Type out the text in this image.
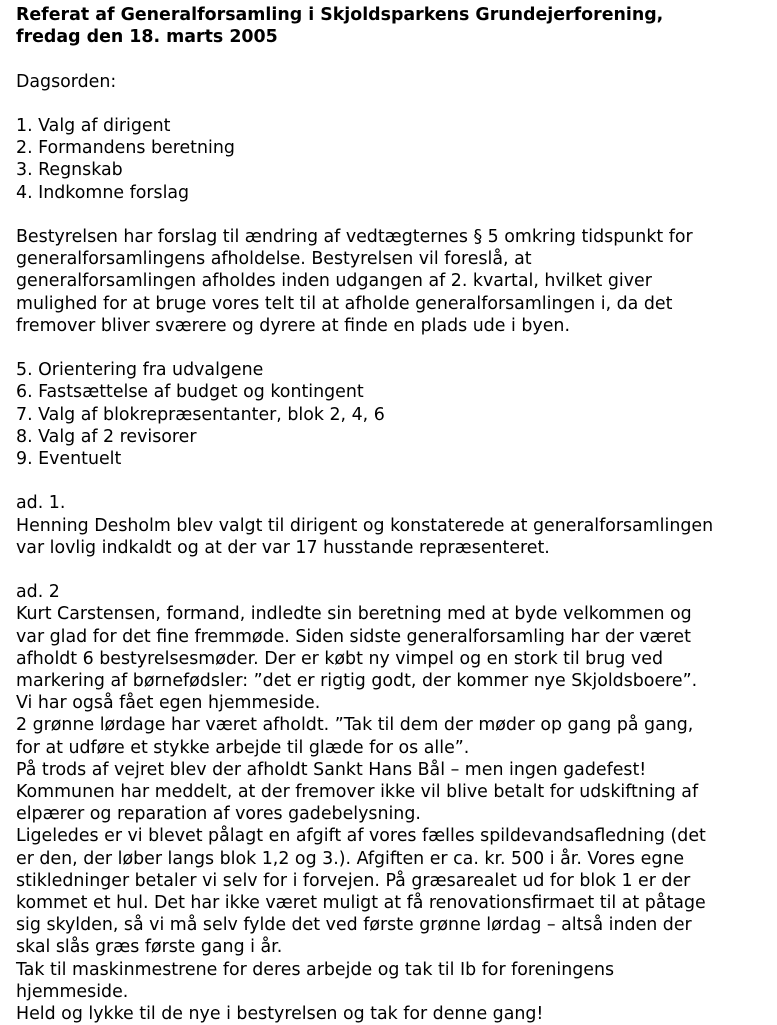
Referat af Generalforsamling i Skjoldsparkens Grundejerforening,
fredag den 18. marts 2005
Dagsorden:
1. Valg af dirigent
2. Formandens beretning
3. Regnskab
4. Indkomne forslag
Bestyrelsen har forslag til ændring af vedtægternes § 5 omkring tidspunkt for
generalforsamlingens afholdelse. Bestyrelsen vil foreslå, at
generalforsamlingen afholdes inden udgangen af 2. kvartal, hvilket giver
mulighed for at bruge vores telt til at afholde generalforsamlingen i, da det
fremover bliver sværere og dyrere at finde en plads ude i byen.
5. Orientering fra udvalgene
6. Fastsættelse af budget og kontingent
7. Valg af blokrepræsentanter, blok 2, 4, 6
8. Valg af 2 revisorer
9. Eventuelt
ad. 1.
Henning Desholm blev valgt til dirigent og konstaterede at generalforsamlingen
var lovlig indkaldt og at der var 17 husstande repræsenteret.
ad. 2
Kurt Carstensen, formand, indledte sin beretning med at byde velkommen og
var glad for det fine fremmøde. Siden sidste generalforsamling har der været
afholdt 6 bestyrelsesmøder. Der er købt ny vimpel og en stork til brug ved
markering af børnefødsler: ”det er rigtig godt, der kommer nye Skjoldsboere”.
Vi har også fået egen hjemmeside.
2 grønne lørdage har været afholdt. ”Tak til dem der møder op gang på gang,
for at udføre et stykke arbejde til glæde for os alle”.
På trods af vejret blev der afholdt Sankt Hans Bål – men ingen gadefest!
Kommunen har meddelt, at der fremover ikke vil blive betalt for udskiftning af
elpærer og reparation af vores gadebelysning.
Ligeledes er vi blevet pålagt en afgift af vores fælles spildevandsafledning (det
er den, der løber langs blok 1,2 og 3.). Afgiften er ca. kr. 500 i år. Vores egne
stikledninger betaler vi selv for i forvejen. På græsarealet ud for blok 1 er der
kommet et hul. Det har ikke været muligt at få renovationsfirmaet til at påtage
sig skylden, så vi må selv fylde det ved første grønne lørdag – altså inden der
skal slås græs første gang i år.
Tak til maskinmestrene for deres arbejde og tak til Ib for foreningens
hjemmeside.
Held og lykke til de nye i bestyrelsen og tak for denne gang!
